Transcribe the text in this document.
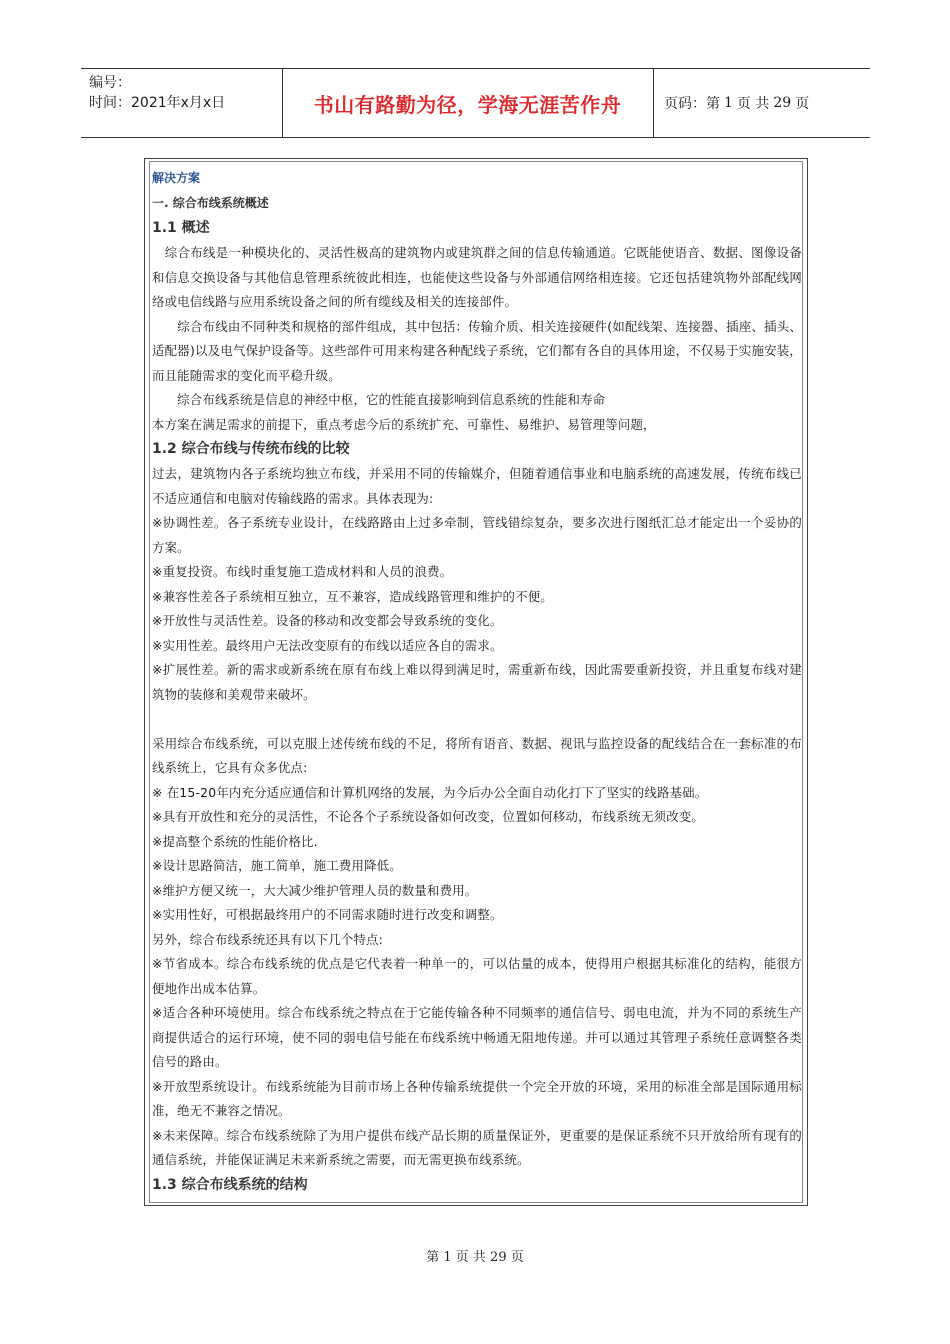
编号：
时间：2021年x月x日	书山有路勤为径，学海无涯苦作舟	页码：第 1 页 共 29 页
解决方案
一. 综合布线系统概述
1.1 概述

　综合布线是一种模块化的、灵活性极高的建筑物内或建筑群之间的信息传输通道。它既能使语音、数据、图像设备和信息交换设备与其他信息管理系统彼此相连，也能使这些设备与外部通信网络相连接。它还包括建筑物外部配线网络或电信线路与应用系统设备之间的所有缆线及相关的连接部件。

　　综合布线由不同种类和规格的部件组成，其中包括：传输介质、相关连接硬件(如配线架、连接器、插座、插头、适配器)以及电气保护设备等。这些部件可用来构建各种配线子系统，它们都有各自的具体用途，不仅易于实施安装，而且能随需求的变化而平稳升级。

　　综合布线系统是信息的神经中枢，它的性能直接影响到信息系统的性能和寿命

本方案在满足需求的前提下，重点考虑今后的系统扩充、可靠性、易维护、易管理等问题，

1.2 综合布线与传统布线的比较

过去，建筑物内各子系统均独立布线，并采用不同的传输媒介，但随着通信事业和电脑系统的高速发展，传统布线已不适应通信和电脑对传输线路的需求。具体表现为:

※协调性差。各子系统专业设计，在线路路由上过多牵制，管线错综复杂，要多次进行图纸汇总才能定出一个妥协的方案。

※重复投资。布线时重复施工造成材料和人员的浪费。

※兼容性差各子系统相互独立，互不兼容，造成线路管理和维护的不便。

※开放性与灵活性差。设备的移动和改变都会导致系统的变化。

※实用性差。最终用户无法改变原有的布线以适应各自的需求。

※扩展性差。新的需求或新系统在原有布线上难以得到满足时，需重新布线，因此需要重新投资，并且重复布线对建筑物的装修和美观带来破坏。

采用综合布线系统，可以克服上述传统布线的不足，将所有语音、数据、视讯与监控设备的配线结合在一套标准的布线系统上，它具有众多优点:

※ 在15-20年内充分适应通信和计算机网络的发展，为今后办公全面自动化打下了坚实的线路基础。

※具有开放性和充分的灵活性，不论各个子系统设备如何改变，位置如何移动，布线系统无须改变。

※提高整个系统的性能价格比.

※设计思路简洁，施工简单，施工费用降低。

※维护方便又统一，大大减少维护管理人员的数量和费用。

※实用性好，可根据最终用户的不同需求随时进行改变和调整。

另外，综合布线系统还具有以下几个特点:

※节省成本。综合布线系统的优点是它代表着一种单一的，可以估量的成本，使得用户根据其标准化的结构，能很方便地作出成本估算。

※适合各种环境使用。综合布线系统之特点在于它能传输各种不同频率的通信信号、弱电电流，并为不同的系统生产商提供适合的运行环境，使不同的弱电信号能在布线系统中畅通无阻地传递。并可以通过其管理子系统任意调整各类信号的路由。

※开放型系统设计。布线系统能为目前市场上各种传输系统提供一个完全开放的环境，采用的标准全部是国际通用标准，绝无不兼容之情况。

※未来保障。综合布线系统除了为用户提供布线产品长期的质量保证外，更重要的是保证系统不只开放给所有现有的通信系统，并能保证满足未来新系统之需要，而无需更换布线系统。

1.3 综合布线系统的结构
第 1 页 共 29 页
